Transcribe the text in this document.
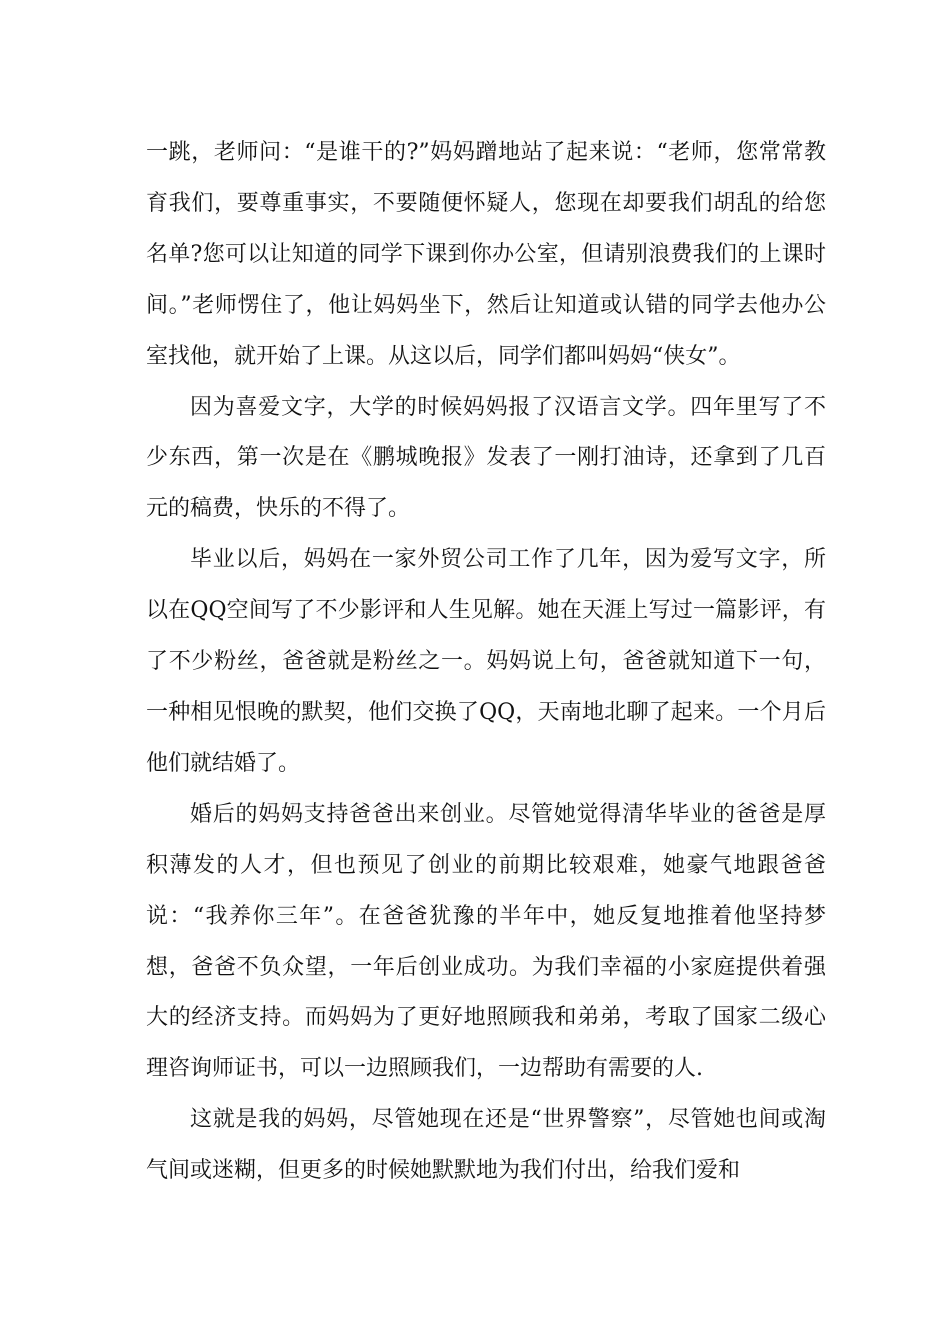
一跳，老师问：“是谁干的?”妈妈蹭地站了起来说：“老师，您常常教育我们，要尊重事实，不要随便怀疑人，您现在却要我们胡乱的给您名单?您可以让知道的同学下课到你办公室，但请别浪费我们的上课时间。”老师愣住了，他让妈妈坐下，然后让知道或认错的同学去他办公室找他，就开始了上课。从这以后，同学们都叫妈妈“侠女”。

因为喜爱文字，大学的时候妈妈报了汉语言文学。四年里写了不少东西，第一次是在《鹏城晚报》发表了一刚打油诗，还拿到了几百元的稿费，快乐的不得了。

毕业以后，妈妈在一家外贸公司工作了几年，因为爱写文字，所以在QQ空间写了不少影评和人生见解。她在天涯上写过一篇影评，有了不少粉丝，爸爸就是粉丝之一。妈妈说上句，爸爸就知道下一句，一种相见恨晚的默契，他们交换了QQ，天南地北聊了起来。一个月后他们就结婚了。

婚后的妈妈支持爸爸出来创业。尽管她觉得清华毕业的爸爸是厚积薄发的人才，但也预见了创业的前期比较艰难，她豪气地跟爸爸说：“我养你三年”。在爸爸犹豫的半年中，她反复地推着他坚持梦想，爸爸不负众望，一年后创业成功。为我们幸福的小家庭提供着强大的经济支持。而妈妈为了更好地照顾我和弟弟，考取了国家二级心理咨询师证书，可以一边照顾我们，一边帮助有需要的人.

这就是我的妈妈，尽管她现在还是“世界警察”，尽管她也间或淘气间或迷糊，但更多的时候她默默地为我们付出，给我们爱和
